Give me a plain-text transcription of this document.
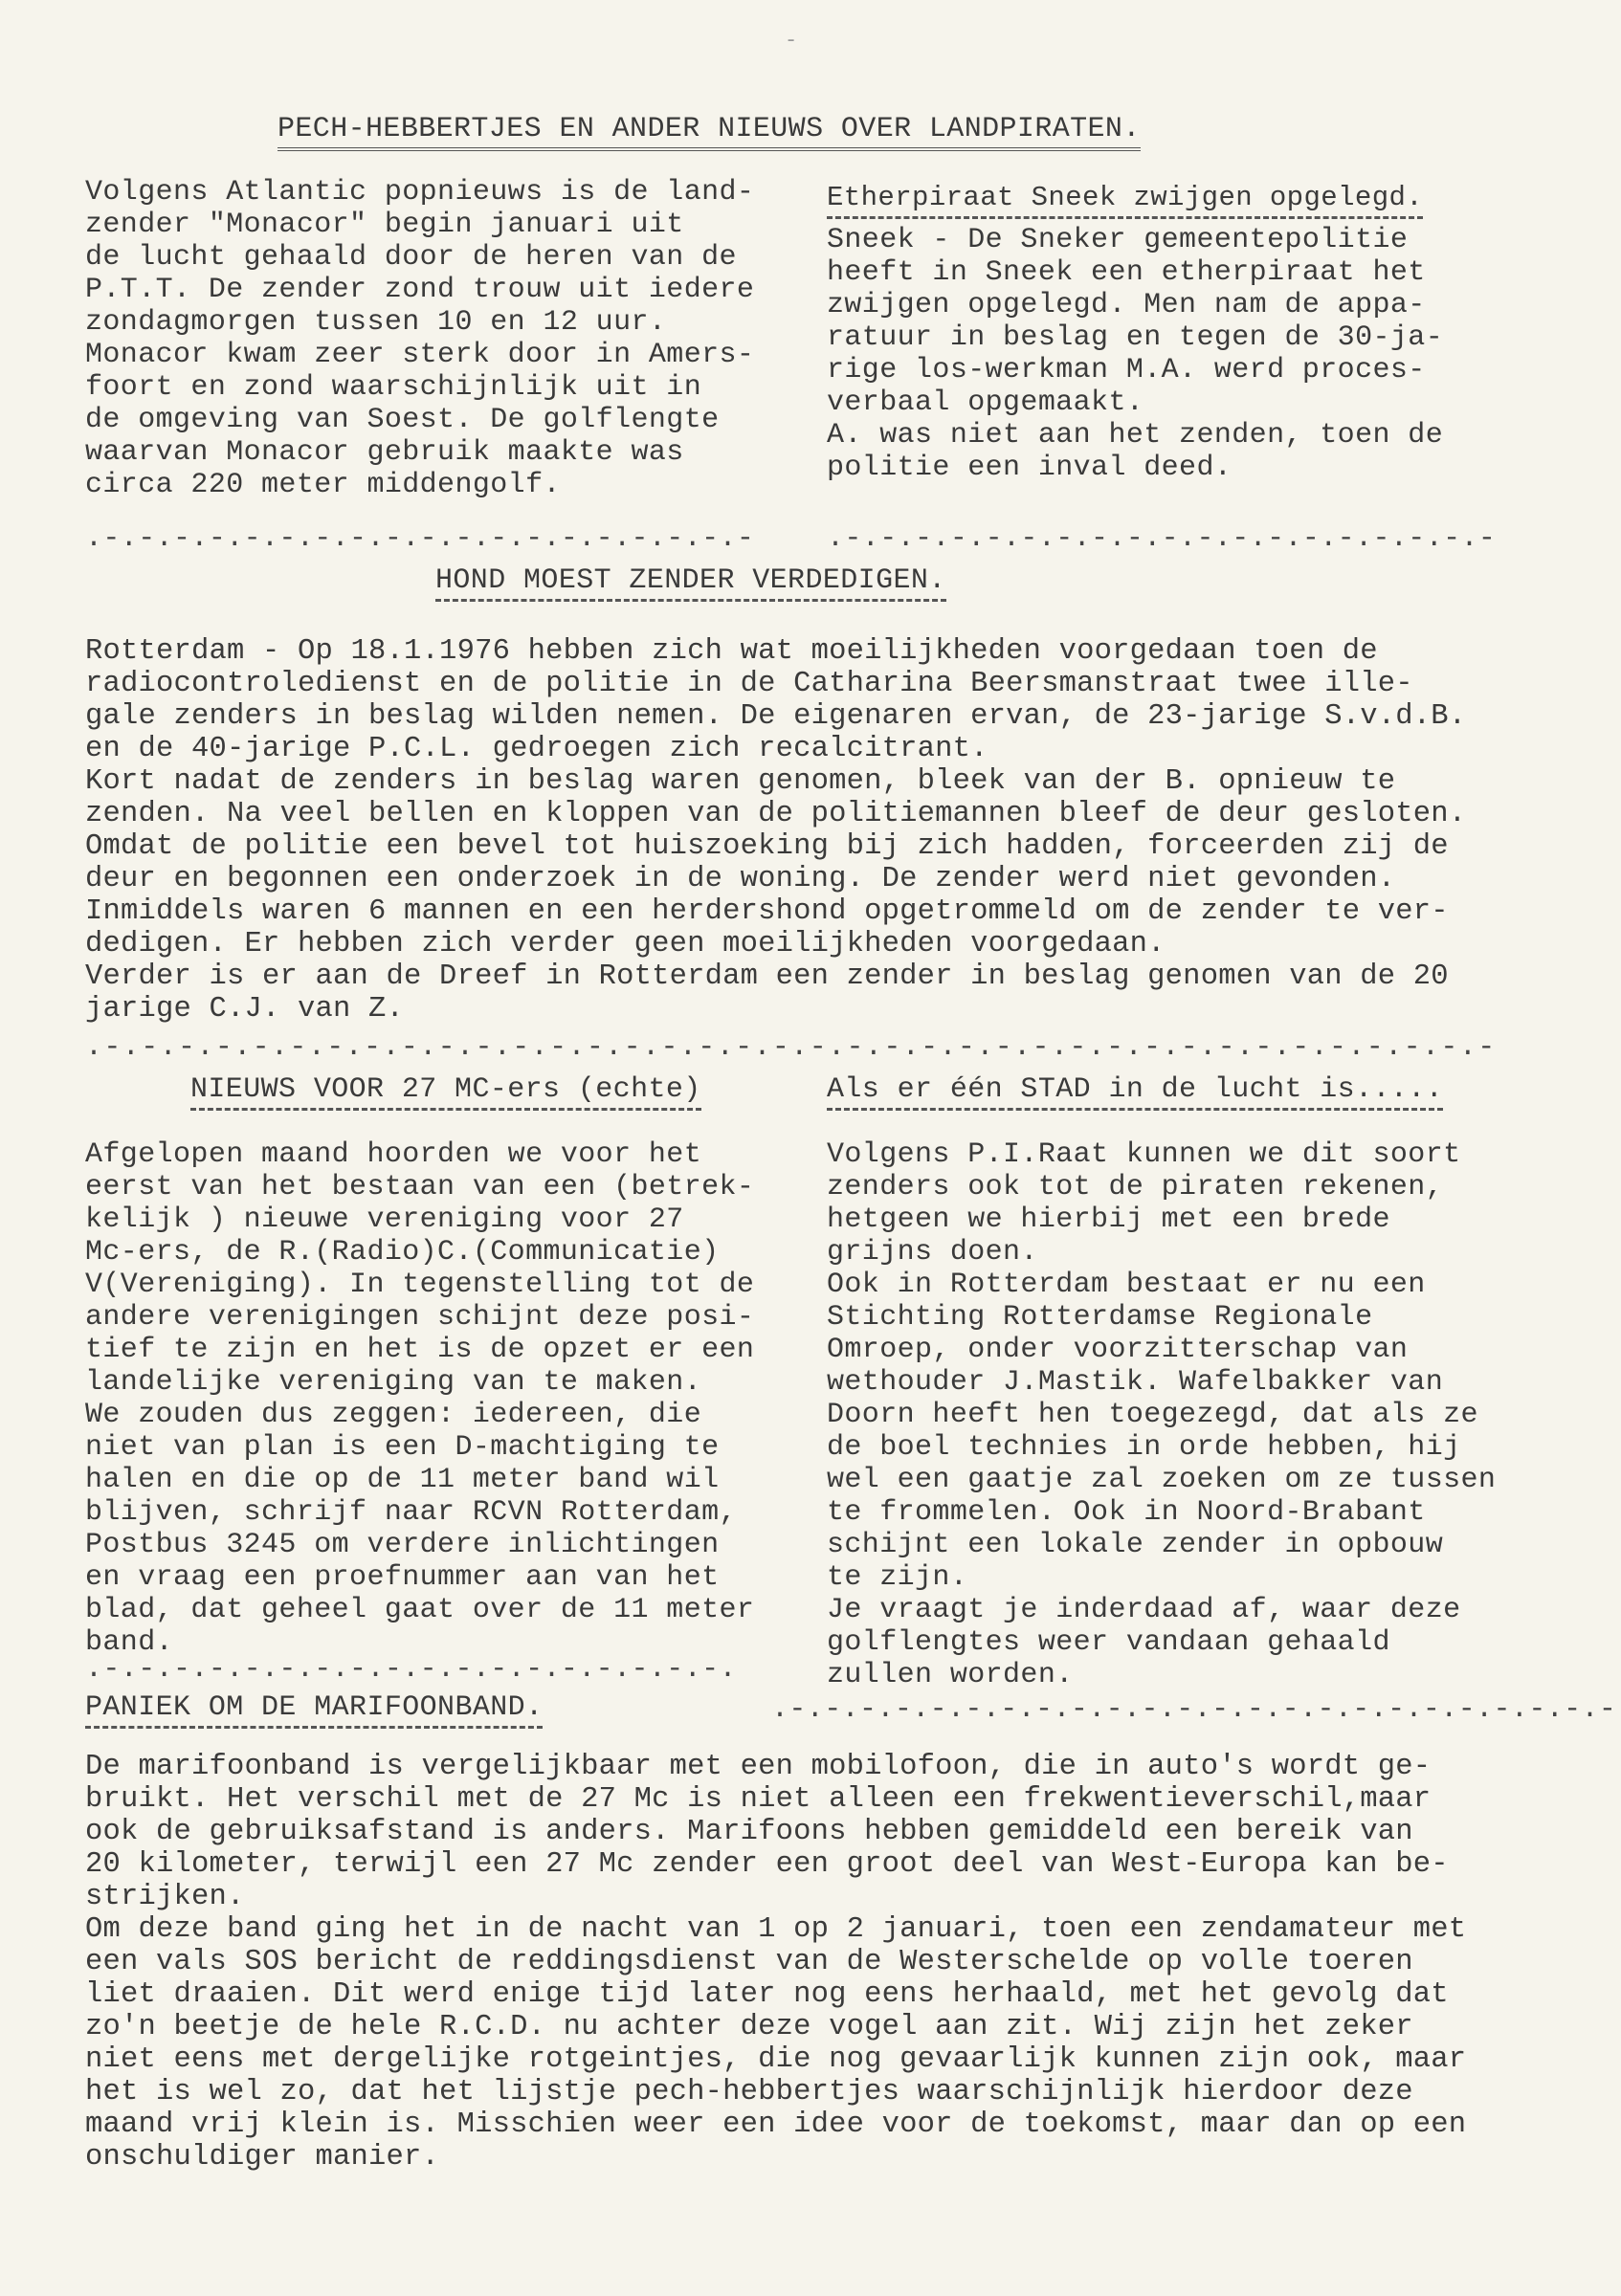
-
PECH-HEBBERTJES EN ANDER NIEUWS OVER LANDPIRATEN.
Volgens Atlantic popnieuws is de land-
zender "Monacor" begin januari uit
de lucht gehaald door de heren van de
P.T.T. De zender zond trouw uit iedere
zondagmorgen tussen 10 en 12 uur.
Monacor kwam zeer sterk door in Amers-
foort en zond waarschijnlijk uit in
de omgeving van Soest. De golflengte
waarvan Monacor gebruik maakte was
circa 220 meter middengolf.
Etherpiraat Sneek zwijgen opgelegd.
Sneek - De Sneker gemeentepolitie
heeft in Sneek een etherpiraat het
zwijgen opgelegd. Men nam de appa-
ratuur in beslag en tegen de 30-ja-
rige los-werkman M.A. werd proces-
verbaal opgemaakt.
A. was niet aan het zenden, toen de
politie een inval deed.
.-.-.-.-.-.-.-.-.-.-.-.-.-.-.-.-.-.-.-	.-.-.-.-.-.-.-.-.-.-.-.-.-.-.-.-.-.-.-
HOND MOEST ZENDER VERDEDIGEN.
Rotterdam - Op 18.1.1976 hebben zich wat moeilijkheden voorgedaan toen de
radiocontroledienst en de politie in de Catharina Beersmanstraat twee ille-
gale zenders in beslag wilden nemen. De eigenaren ervan, de 23-jarige S.v.d.B.
en de 40-jarige P.C.L. gedroegen zich recalcitrant.
Kort nadat de zenders in beslag waren genomen, bleek van der B. opnieuw te
zenden. Na veel bellen en kloppen van de politiemannen bleef de deur gesloten.
Omdat de politie een bevel tot huiszoeking bij zich hadden, forceerden zij de
deur en begonnen een onderzoek in de woning. De zender werd niet gevonden.
Inmiddels waren 6 mannen en een herdershond opgetrommeld om de zender te ver-
dedigen. Er hebben zich verder geen moeilijkheden voorgedaan.
Verder is er aan de Dreef in Rotterdam een zender in beslag genomen van de 20
jarige C.J. van Z.
.-.-.-.-.-.-.-.-.-.-.-.-.-.-.-.-.-.-.-.-.-.-.-.-.-.-.-.-.-.-.-.-.-.-.-.-.-.-
NIEUWS VOOR 27 MC-ers (echte)
Afgelopen maand hoorden we voor het
eerst van het bestaan van een (betrek-
kelijk ) nieuwe vereniging voor 27
Mc-ers, de R.(Radio)C.(Communicatie)
V(Vereniging). In tegenstelling tot de
andere verenigingen schijnt deze posi-
tief te zijn en het is de opzet er een
landelijke vereniging van te maken.
We zouden dus zeggen: iedereen, die
niet van plan is een D-machtiging te
halen en die op de 11 meter band wil
blijven, schrijf naar RCVN Rotterdam,
Postbus 3245 om verdere inlichtingen
en vraag een proefnummer aan van het
blad, dat geheel gaat over de 11 meter
band.
Als er één STAD in de lucht is.....
Volgens P.I.Raat kunnen we dit soort
zenders ook tot de piraten rekenen,
hetgeen we hierbij met een brede
grijns doen.
Ook in Rotterdam bestaat er nu een
Stichting Rotterdamse Regionale
Omroep, onder voorzitterschap van
wethouder J.Mastik. Wafelbakker van
Doorn heeft hen toegezegd, dat als ze
de boel technies in orde hebben, hij
wel een gaatje zal zoeken om ze tussen
te frommelen. Ook in Noord-Brabant
schijnt een lokale zender in opbouw
te zijn.
Je vraagt je inderdaad af, waar deze
golflengtes weer vandaan gehaald
zullen worden.
.-.-.-.-.-.-.-.-.-.-.-.-.-.-.-.-.-.-.
.-.-.-.-.-.-.-.-.-.-.-.-.-.-.-.-.-.-.-.-.-.-.-.-
PANIEK OM DE MARIFOONBAND.
De marifoonband is vergelijkbaar met een mobilofoon, die in auto's wordt ge-
bruikt. Het verschil met de 27 Mc is niet alleen een frekwentieverschil,maar
ook de gebruiksafstand is anders. Marifoons hebben gemiddeld een bereik van
20 kilometer, terwijl een 27 Mc zender een groot deel van West-Europa kan be-
strijken.
Om deze band ging het in de nacht van 1 op 2 januari, toen een zendamateur met
een vals SOS bericht de reddingsdienst van de Westerschelde op volle toeren
liet draaien. Dit werd enige tijd later nog eens herhaald, met het gevolg dat
zo'n beetje de hele R.C.D. nu achter deze vogel aan zit. Wij zijn het zeker
niet eens met dergelijke rotgeintjes, die nog gevaarlijk kunnen zijn ook, maar
het is wel zo, dat het lijstje pech-hebbertjes waarschijnlijk hierdoor deze
maand vrij klein is. Misschien weer een idee voor de toekomst, maar dan op een
onschuldiger manier.
